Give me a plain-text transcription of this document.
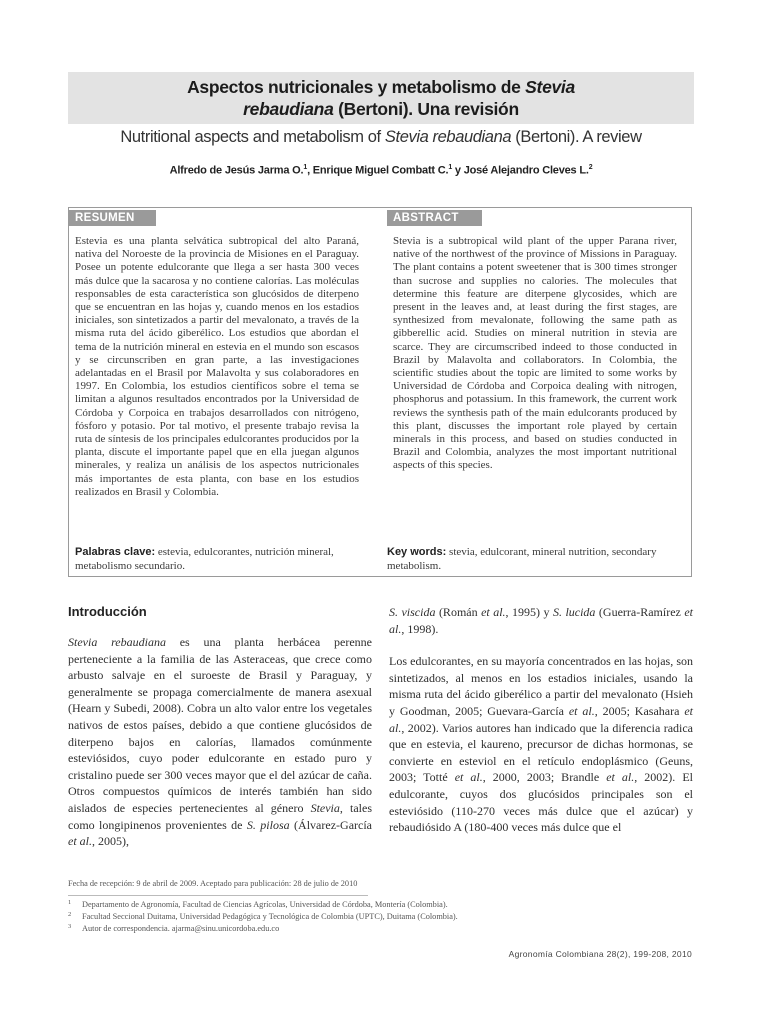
Aspectos nutricionales y metabolismo de Stevia
rebaudiana (Bertoni). Una revisión
Nutritional aspects and metabolism of Stevia rebaudiana (Bertoni). A review
Alfredo de Jesús Jarma O.$^1$, Enrique Miguel Combatt C.$^1$ y José Alejandro Cleves L.$^2$
RESUMEN
Estevia es una planta selvática subtropical del alto Paraná, nativa del Noroeste de la provincia de Misiones en el Paraguay. Posee un potente edulcorante que llega a ser hasta 300 veces más dulce que la sacarosa y no contiene calorías. Las moléculas responsables de esta característica son glucósidos de diterpeno que se encuentran en las hojas y, cuando menos en los estadios iniciales, son sintetizados a partir del mevalonato, a través de la misma ruta del ácido giberélico. Los estudios que abordan el tema de la nutrición mineral en estevia en el mundo son escasos y se circunscriben en gran parte, a las investigaciones adelantadas en el Brasil por Malavolta y sus colaboradores en 1997. En Colombia, los estudios científicos sobre el tema se limitan a algunos resultados encontrados por la Universidad de Córdoba y Corpoica en trabajos desarrollados con nitrógeno, fósforo y potasio. Por tal motivo, el presente trabajo revisa la ruta de síntesis de los principales edulcorantes producidos por la planta, discute el importante papel que en ella juegan algunos minerales, y realiza un análisis de los aspectos nutricionales más importantes de esta planta, con base en los estudios realizados en Brasil y Colombia.
ABSTRACT
Stevia is a subtropical wild plant of the upper Parana river, native of the northwest of the province of Missions in Paraguay. The plant contains a potent sweetener that is 300 times stronger than sucrose and supplies no calories. The molecules that determine this feature are diterpene glycosides, which are present in the leaves and, at least during the first stages, are synthesized from mevalonate, following the same path as gibberellic acid. Studies on mineral nutrition in stevia are scarce. They are circumscribed indeed to those conducted in Brazil by Malavolta and collaborators. In Colombia, the scientific studies about the topic are limited to some works by Universidad de Córdoba and Corpoica dealing with nitrogen, phosphorus and potassium. In this framework, the current work reviews the synthesis path of the main edulcorants produced by this plant, discusses the important role played by certain minerals in this process, and based on studies conducted in Brazil and Colombia, analyzes the most important nutritional aspects of this species.
Palabras clave: estevia, edulcorantes, nutrición mineral, metabolismo secundario.
Key words: stevia, edulcorant, mineral nutrition, secondary metabolism.
Introducción

Stevia rebaudiana es una planta herbácea perenne perteneciente a la familia de las Asteraceas, que crece como arbusto salvaje en el suroeste de Brasil y Paraguay, y generalmente se propaga comercialmente de manera asexual (Hearn y Subedi, 2008). Cobra un alto valor entre los vegetales nativos de estos países, debido a que contiene glucósidos de diterpeno bajos en calorías, llamados comúnmente esteviósidos, cuyo poder edulcorante en estado puro y cristalino puede ser 300 veces mayor que el del azúcar de caña. Otros compuestos químicos de interés también han sido aislados de especies pertenecientes al género Stevia, tales como longipinenos provenientes de S. pilosa (Álvarez-García et al., 2005),

S. viscida (Román et al., 1995) y S. lucida (Guerra-Ramírez et al., 1998).

Los edulcorantes, en su mayoría concentrados en las hojas, son sintetizados, al menos en los estadios iniciales, usando la misma ruta del ácido giberélico a partir del mevalonato (Hsieh y Goodman, 2005; Guevara-García et al., 2005; Kasahara et al., 2002). Varios autores han indicado que la diferencia radica que en estevia, el kaureno, precursor de dichas hormonas, se convierte en esteviol en el retículo endoplásmico (Geuns, 2003; Totté et al., 2000, 2003; Brandle et al., 2002). El edulcorante, cuyos dos glucósidos principales son el esteviósido (110-270 veces más dulce que el azúcar) y rebaudiósido A (180-400 veces más dulce que el

Fecha de recepción: 9 de abril de 2009. Aceptado para publicación: 28 de julio de 2010
1 Departamento de Agronomía, Facultad de Ciencias Agrícolas, Universidad de Córdoba, Montería (Colombia).
2 Facultad Seccional Duitama, Universidad Pedagógica y Tecnológica de Colombia (UPTC), Duitama (Colombia).
3 Autor de correspondencia. ajarma@sinu.unicordoba.edu.co
Agronomía Colombiana 28(2), 199-208, 2010
